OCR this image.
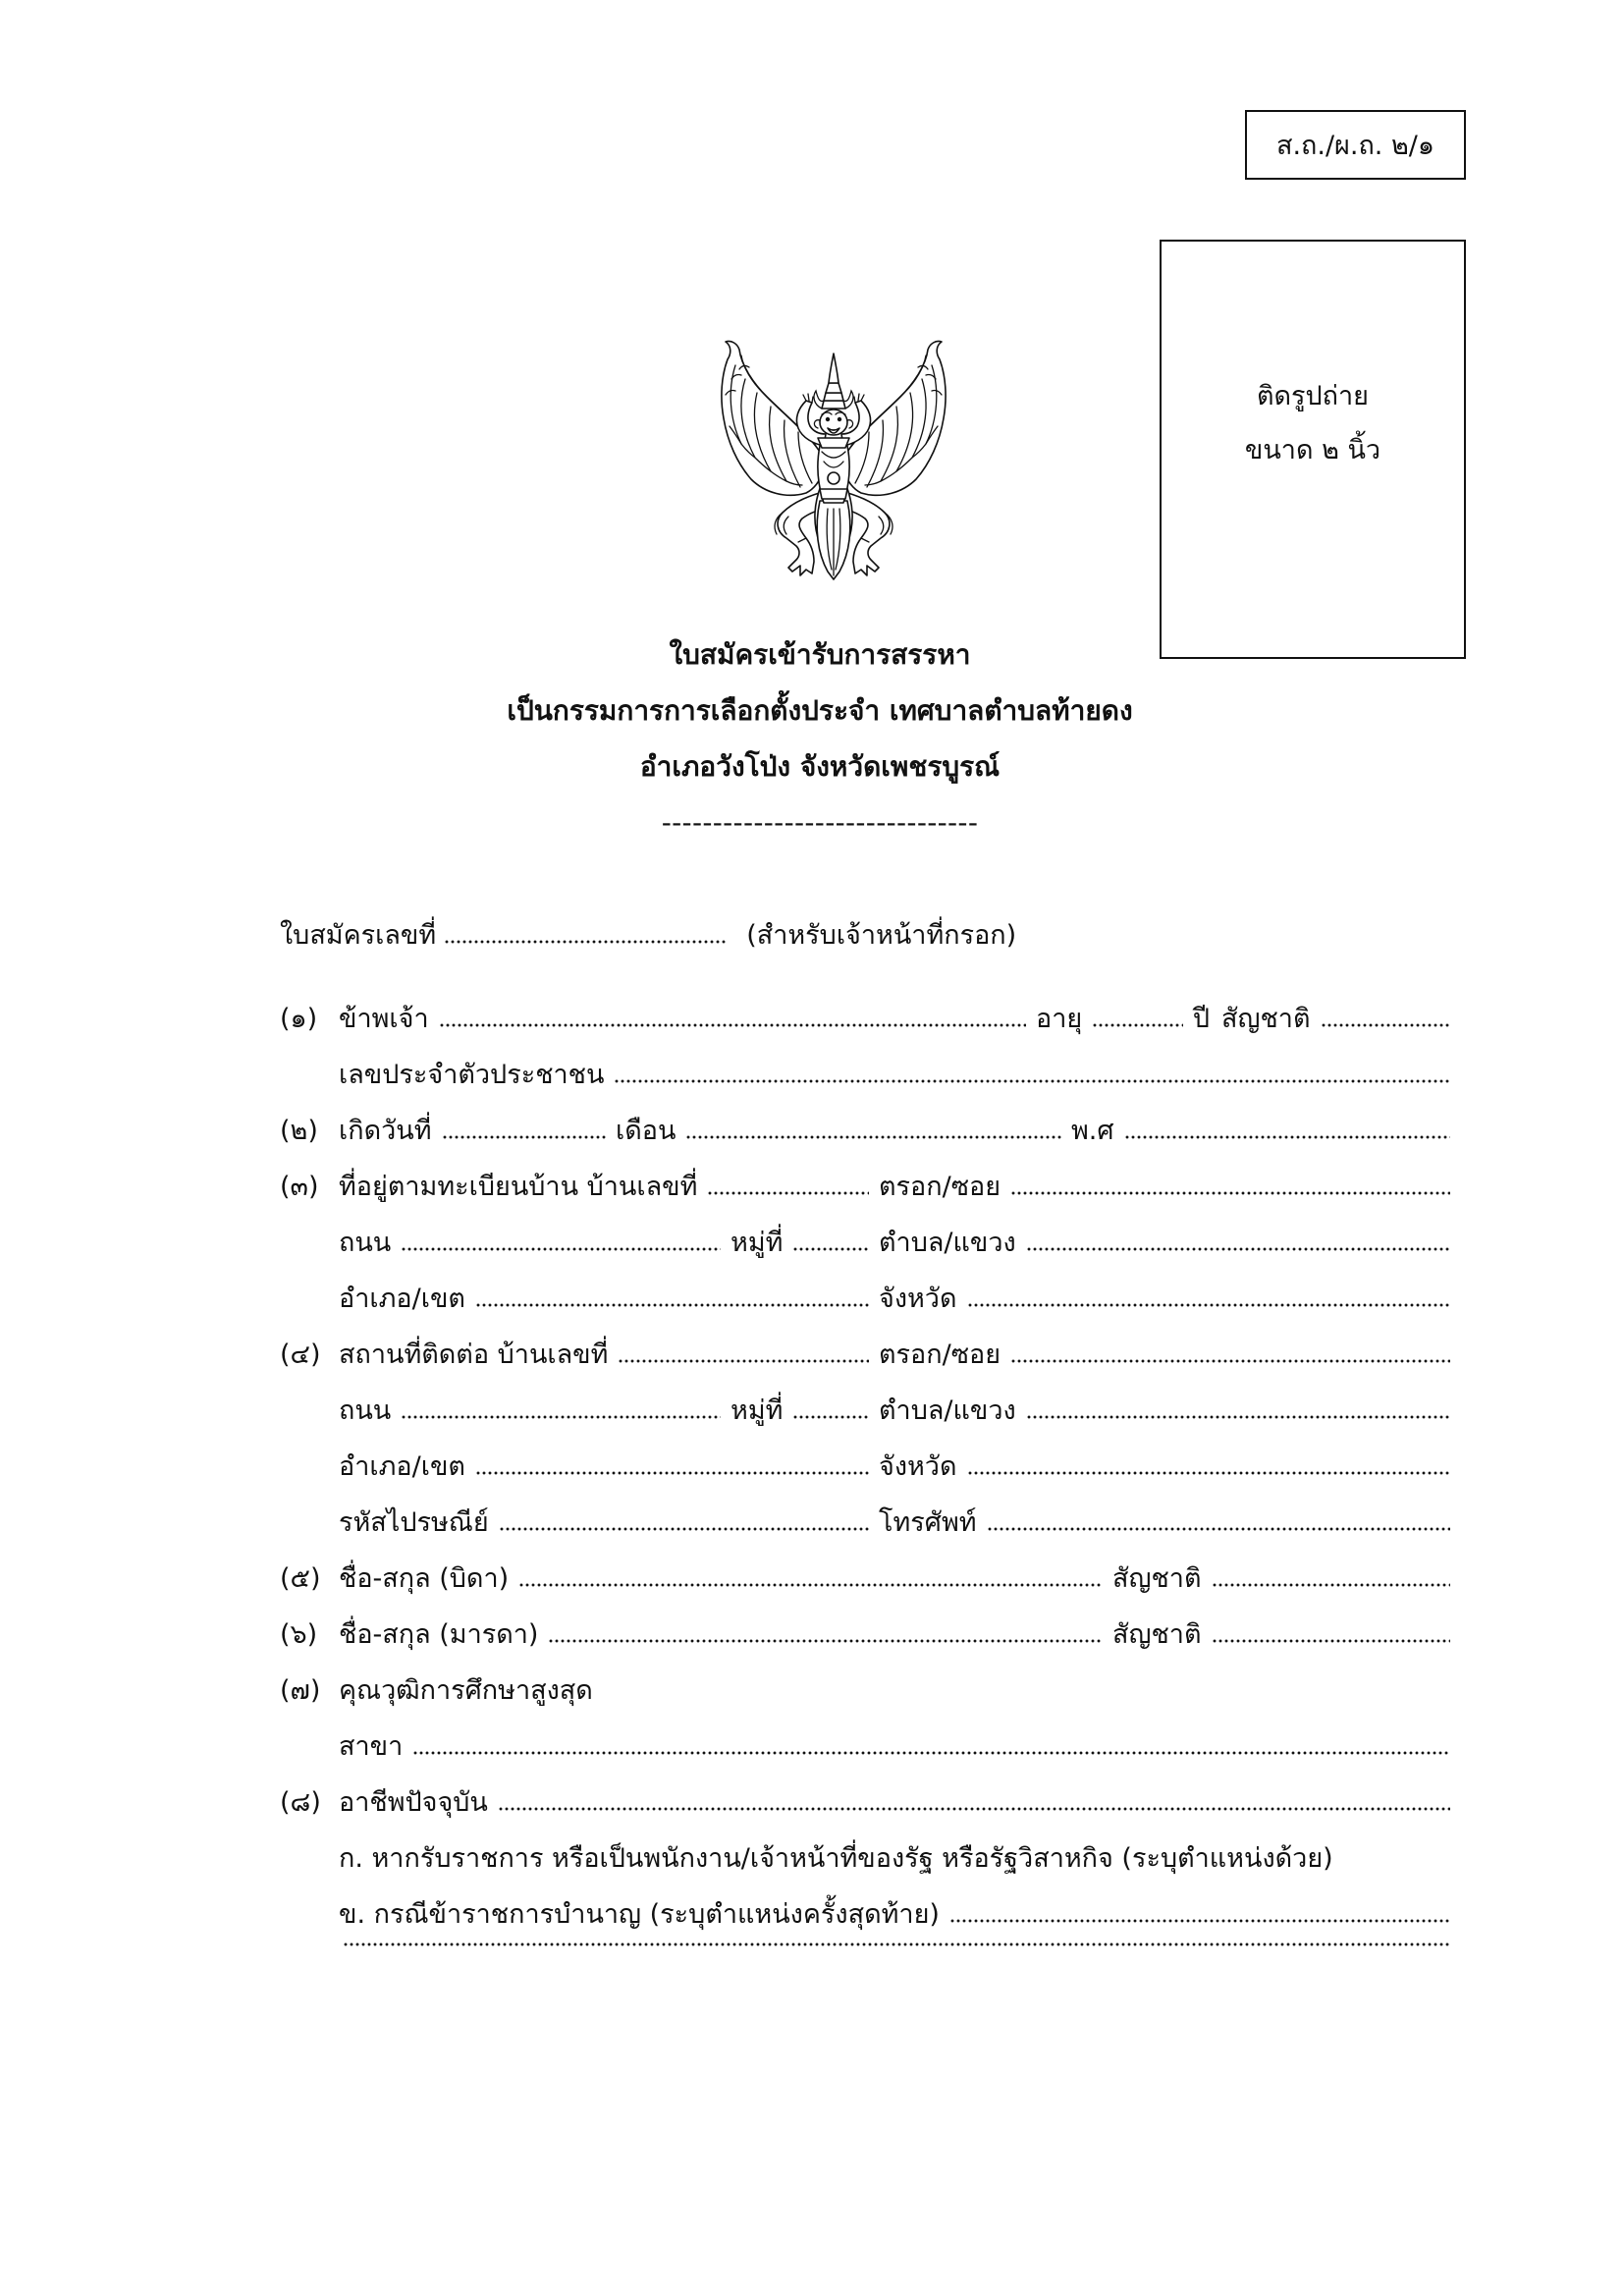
ส.ถ./ผ.ถ. ๒/๑
ติดรูปถ่าย
ขนาด ๒ นิ้ว
ใบสมัครเข้ารับการสรรหา
เป็นกรรมการการเลือกตั้งประจำ เทศบาลตำบลท้ายดง
อำเภอวังโป่ง จังหวัดเพชรบูรณ์
-------------------------------
ใบสมัครเลขที่	(สำหรับเจ้าหน้าที่กรอก)
(๑) ข้าพเจ้า	อายุ	ปี สัญชาติ
เลขประจำตัวประชาชน
(๒) เกิดวันที่	เดือน	พ.ศ
(๓) ที่อยู่ตามทะเบียนบ้าน บ้านเลขที่	ตรอก/ซอย
ถนน	หมู่ที่	ตำบล/แขวง
อำเภอ/เขต	จังหวัด
(๔) สถานที่ติดต่อ บ้านเลขที่	ตรอก/ซอย
ถนน	หมู่ที่	ตำบล/แขวง
อำเภอ/เขต	จังหวัด
รหัสไปรษณีย์	โทรศัพท์
(๕) ชื่อ-สกุล (บิดา)	สัญชาติ
(๖) ชื่อ-สกุล (มารดา)	สัญชาติ
(๗) คุณวุฒิการศึกษาสูงสุด
สาขา
(๘) อาชีพปัจจุบัน
ก. หากรับราชการ หรือเป็นพนักงาน/เจ้าหน้าที่ของรัฐ หรือรัฐวิสาหกิจ (ระบุตำแหน่งด้วย)
ข. กรณีข้าราชการบำนาญ (ระบุตำแหน่งครั้งสุดท้าย)
